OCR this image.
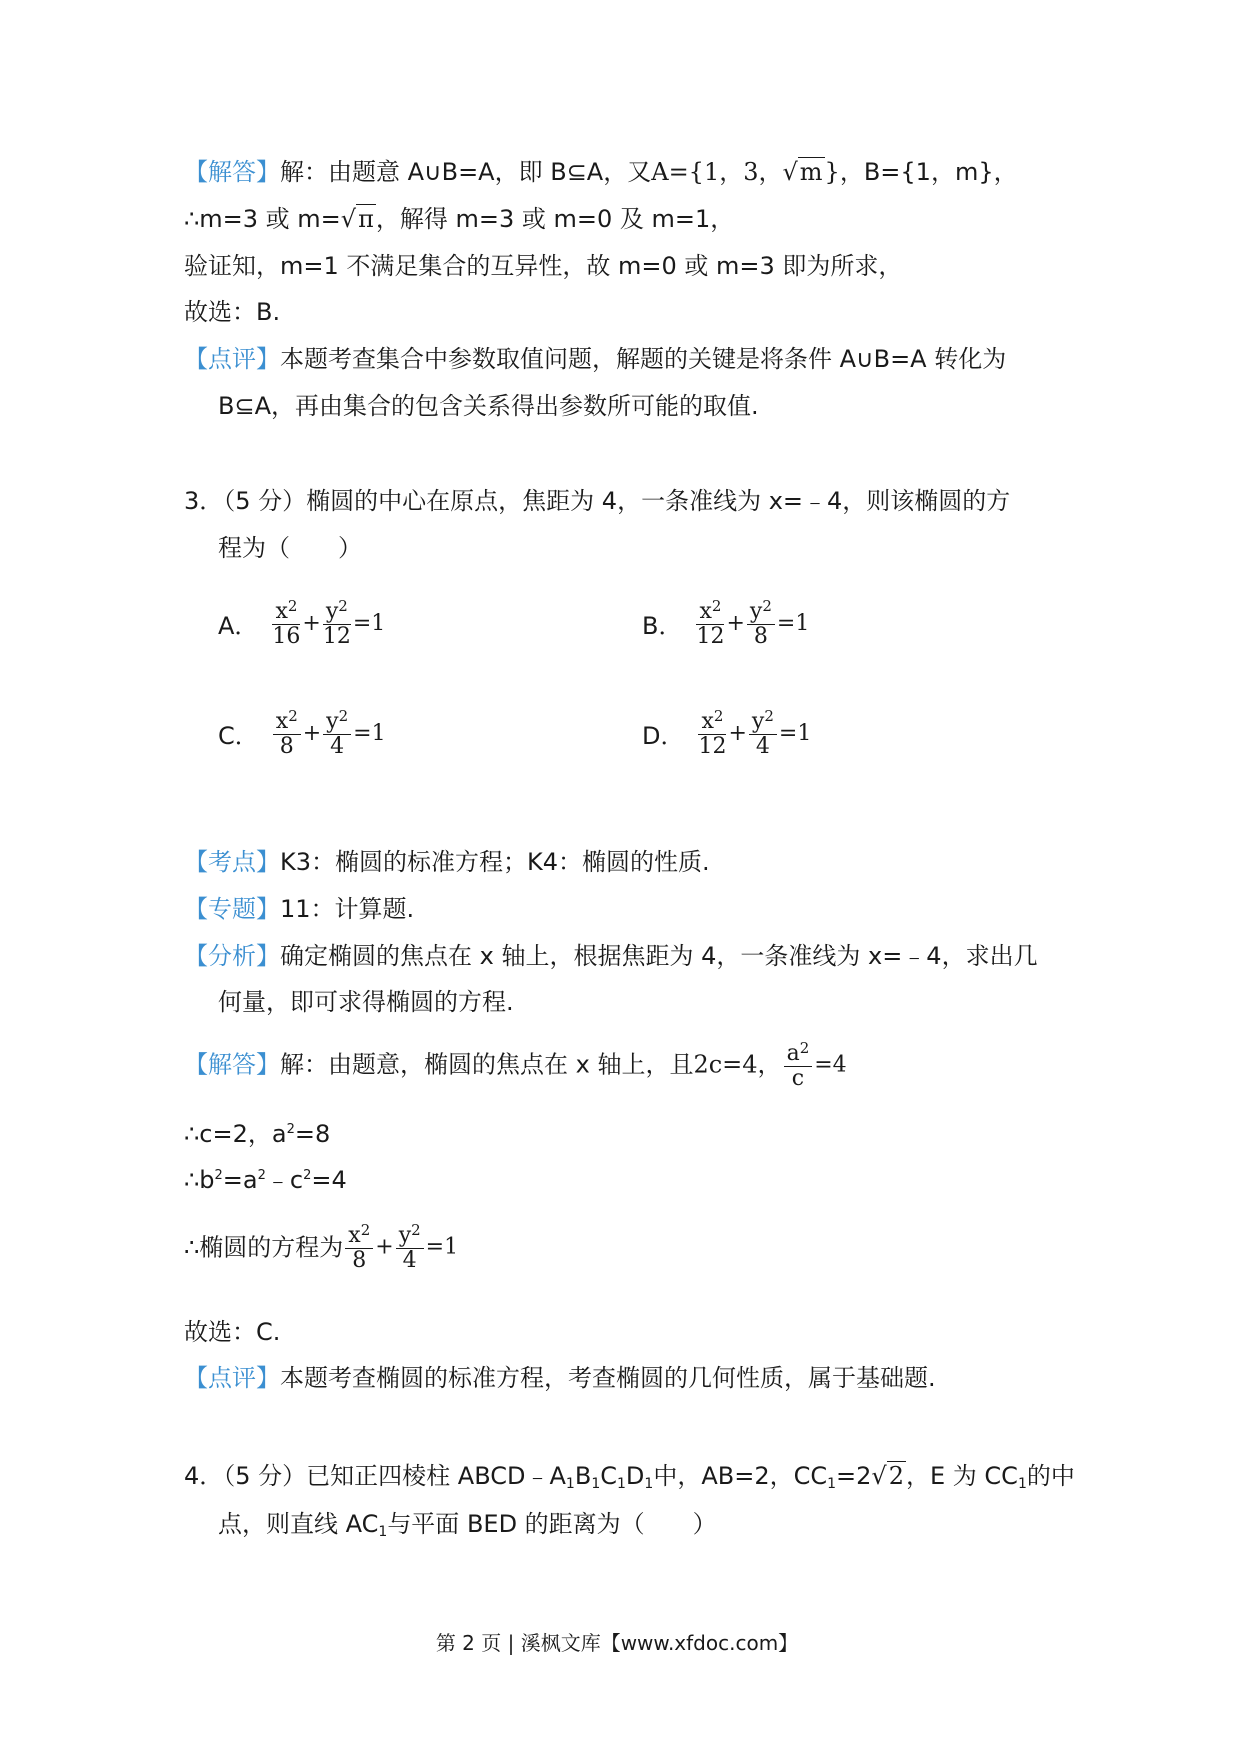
【解答】解：由题意 A∪B=A，即 B⊆A，又A={1，3，√m}，B={1，m}，
∴m=3 或 m=√π，解得 m=3 或 m=0 及 m=1，
验证知，m=1 不满足集合的互异性，故 m=0 或 m=3 即为所求，
故选：B.
【点评】本题考查集合中参数取值问题，解题的关键是将条件 A∪B=A 转化为
B⊆A，再由集合的包含关系得出参数所可能的取值.
3．（5 分）椭圆的中心在原点，焦距为 4，一条准线为 x=﹣4，则该椭圆的方
程为（　　）
A． $\frac{x^2}{16} + \frac{y^2}{12} =1$	B． $\frac{x^2}{12} + \frac{y^2}{8} =1$
C． $\frac{x^2}{8} + \frac{y^2}{4} =1$	D． $\frac{x^2}{12} + \frac{y^2}{4} =1$
【考点】K3：椭圆的标准方程；K4：椭圆的性质.
【专题】11：计算题.
【分析】确定椭圆的焦点在 x 轴上，根据焦距为 4，一条准线为 x=﹣4，求出几
何量，即可求得椭圆的方程.
【解答】解：由题意，椭圆的焦点在 x 轴上，且2c=4， $\frac{a^2}{c} =4$
∴c=2，$a^2=8$
$\therefore b^2=a^2﹣c^2=4$
∴椭圆的方程为 $\frac{x^2}{8} + \frac{y^2}{4} =1$
故选：C.
【点评】本题考查椭圆的标准方程，考查椭圆的几何性质，属于基础题.
4．（5 分）已知正四棱柱 $ABCD﹣A_1B_1C_1D_1$中，AB=2，$CC_1=2√2$，E 为 $CC_1$的中
点，则直线 $AC_1$与平面 BED 的距离为（　　）
第 2 页 | 溪枫文库【www.xfdoc.com】
